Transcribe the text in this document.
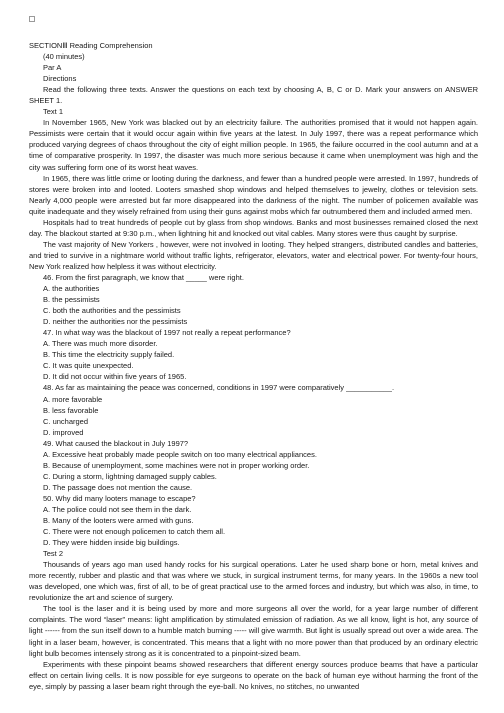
SECTIONⅢ Reading Comprehension

(40 minutes)

Par A

Directions

Read the following three texts. Answer the questions on each text by choosing A, B, C or D. Mark your answers on ANSWER SHEET 1.

Text 1

In November 1965, New York was blacked out by an electricity failure. The authorities promised that it would not happen again. Pessimists were certain that it would occur again within five years at the latest. In July 1997, there was a repeat performance which produced varying degrees of chaos throughout the city of eight million people. In 1965, the failure occurred in the cool autumn and at a time of comparative prosperity. In 1997, the disaster was much more serious because it came when unemployment was high and the city was suffering form one of its worst heat waves.

In 1965, there was little crime or looting during the darkness, and fewer than a hundred people were arrested. In 1997, hundreds of stores were broken into and looted. Looters smashed shop windows and helped themselves to jewelry, clothes or television sets. Nearly 4,000 people were arrested but far more disappeared into the darkness of the night. The number of policemen available was quite inadequate and they wisely refrained from using their guns against mobs which far outnumbered them and included armed men.

Hospitals had to treat hundreds of people cut by glass from shop windows. Banks and most businesses remained closed the next day. The blackout started at 9:30 p.m., when lightning hit and knocked out vital cables. Many stores were thus caught by surprise.

The vast majority of New Yorkers , however, were not involved in looting. They helped strangers, distributed candles and batteries, and tried to survive in a nightmare world without traffic lights, refrigerator, elevators, water and electrical power. For twenty-four hours, New York realized how helpless it was without electricity.

46. From the first paragraph, we know that _____ were right.

A. the authorities

B. the pessimists

C. both the authorities and the pessimists

D. neither the authorities nor the pessimists

47. In what way was the blackout of 1997 not really a repeat performance?

A. There was much more disorder.

B. This time the electricity supply failed.

C. It was quite unexpected.

D. It did not occur within five years of 1965.

48. As far as maintaining the peace was concerned, conditions in 1997 were comparatively ___________.

A. more favorable

B. less favorable

C. uncharged

D. improved

49. What caused the blackout in July 1997?

A. Excessive heat probably made people switch on too many electrical appliances.

B. Because of unemployment, some machines were not in proper working order.

C. During a storm, lightning damaged supply cables.

D. The passage does not mention the cause.

50. Why did many looters manage to escape?

A. The police could not see them in the dark.

B. Many of the looters were armed with guns.

C. There were not enough policemen to catch them all.

D. They were hidden inside big buildings.

Test 2

Thousands of years ago man used handy rocks for his surgical operations. Later he used sharp bone or horn, metal knives and more recently, rubber and plastic and that was where we stuck, in surgical instrument terms, for many years. In the 1960s a new tool was developed, one which was, first of all, to be of great practical use to the armed forces and industry, but which was also, in time, to revolutionize the art and science of surgery.

The tool is the laser and it is being used by more and more surgeons all over the world, for a year large number of different complaints. The word “laser” means: light amplification by stimulated emission of radiation. As we all know, light is hot, any source of light ------ from the sun itself down to a humble match burning ----- will give warmth. But light is usually spread out over a wide area. The light in a laser beam, however, is concentrated. This means that a light with no more power than that produced by an ordinary electric light bulb becomes intensely strong as it is concentrated to a pinpoint-sized beam.

Experiments with these pinpoint beams showed researchers that different energy sources produce beams that have a particular effect on certain living cells. It is now possible for eye surgeons to operate on the back of human eye without harming the front of the eye, simply by passing a laser beam right through the eye-ball. No knives, no stitches, no unwanted
